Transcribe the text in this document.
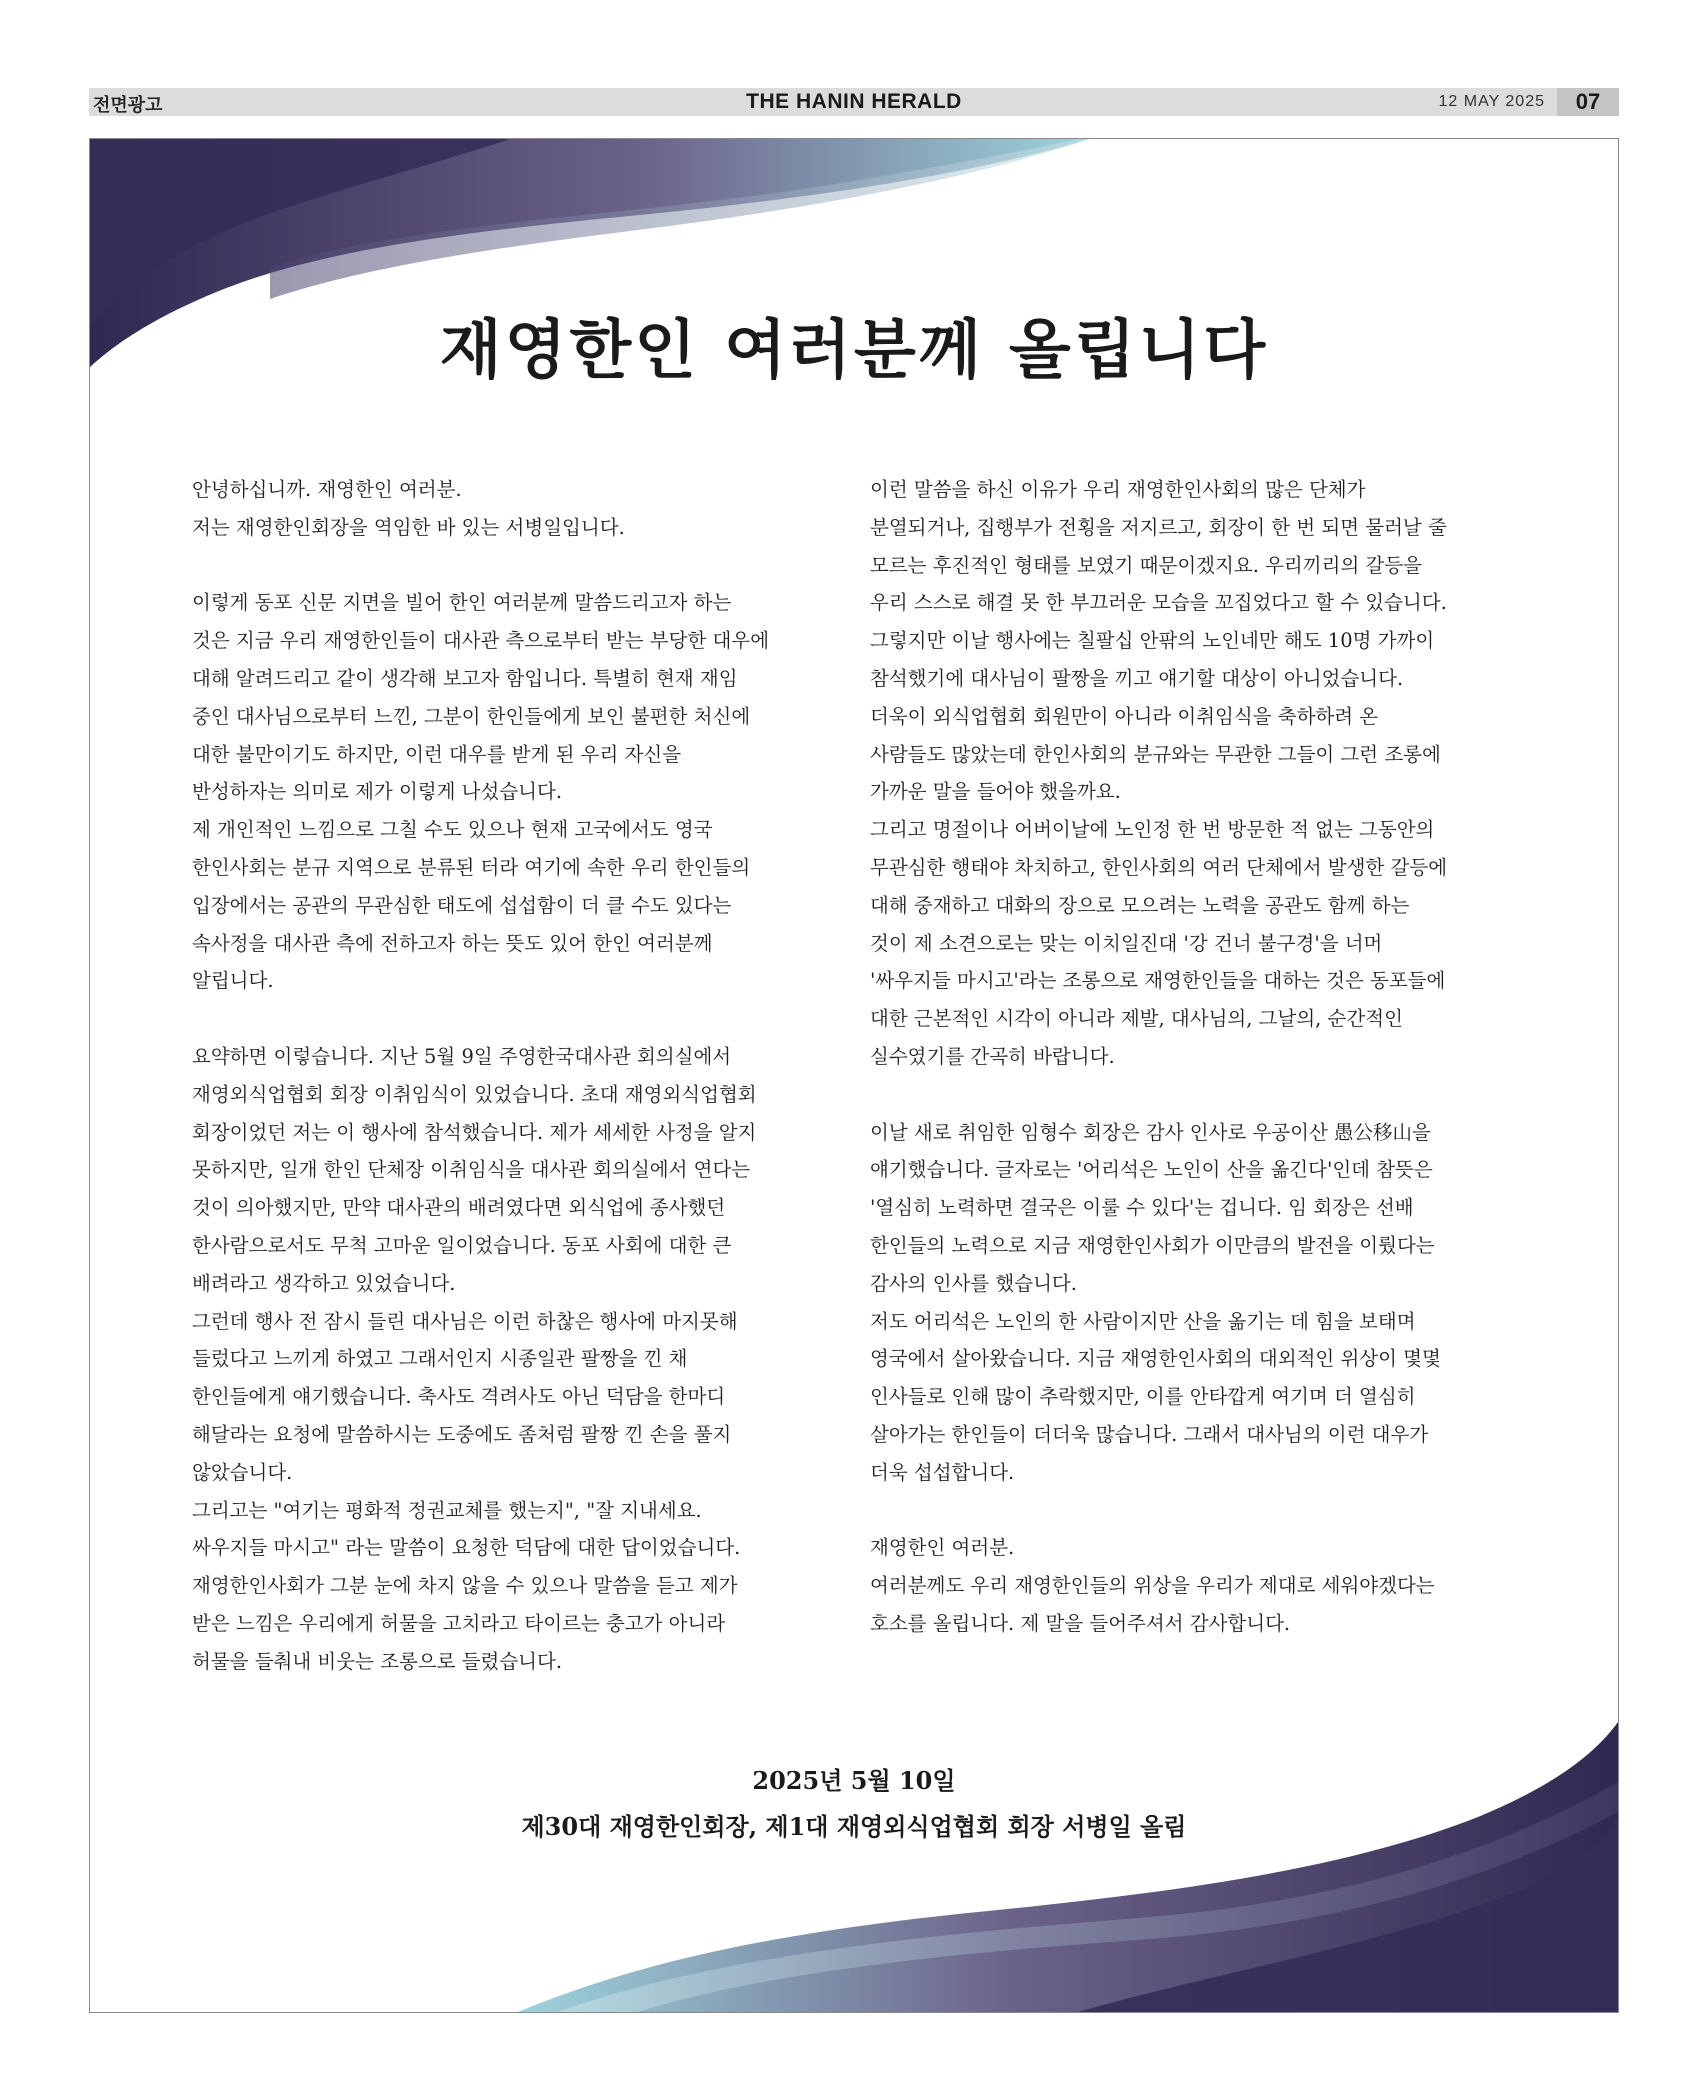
전면광고	THE HANIN HERALD	12 MAY 2025	07
재영한인 여러분께 올립니다

안녕하십니까. 재영한인 여러분.
저는 재영한인회장을 역임한 바 있는 서병일입니다.

이렇게 동포 신문 지면을 빌어 한인 여러분께 말씀드리고자 하는
것은 지금 우리 재영한인들이 대사관 측으로부터 받는 부당한 대우에
대해 알려드리고 같이 생각해 보고자 함입니다. 특별히 현재 재임
중인 대사님으로부터 느낀, 그분이 한인들에게 보인 불편한 처신에
대한 불만이기도 하지만, 이런 대우를 받게 된 우리 자신을
반성하자는 의미로 제가 이렇게 나섰습니다.
제 개인적인 느낌으로 그칠 수도 있으나 현재 고국에서도 영국
한인사회는 분규 지역으로 분류된 터라 여기에 속한 우리 한인들의
입장에서는 공관의 무관심한 태도에 섭섭함이 더 클 수도 있다는
속사정을 대사관 측에 전하고자 하는 뜻도 있어 한인 여러분께
알립니다.

요약하면 이렇습니다. 지난 5월 9일 주영한국대사관 회의실에서
재영외식업협회 회장 이취임식이 있었습니다. 초대 재영외식업협회
회장이었던 저는 이 행사에 참석했습니다. 제가 세세한 사정을 알지
못하지만, 일개 한인 단체장 이취임식을 대사관 회의실에서 연다는
것이 의아했지만, 만약 대사관의 배려였다면 외식업에 종사했던
한사람으로서도 무척 고마운 일이었습니다. 동포 사회에 대한 큰
배려라고 생각하고 있었습니다.
그런데 행사 전 잠시 들린 대사님은 이런 하찮은 행사에 마지못해
들렀다고 느끼게 하였고 그래서인지 시종일관 팔짱을 낀 채
한인들에게 얘기했습니다. 축사도 격려사도 아닌 덕담을 한마디
해달라는 요청에 말씀하시는 도중에도 좀처럼 팔짱 낀 손을 풀지
않았습니다.
그리고는 "여기는 평화적 정권교체를 했는지", "잘 지내세요.
싸우지들 마시고" 라는 말씀이 요청한 덕담에 대한 답이었습니다.
재영한인사회가 그분 눈에 차지 않을 수 있으나 말씀을 듣고 제가
받은 느낌은 우리에게 허물을 고치라고 타이르는 충고가 아니라
허물을 들춰내 비웃는 조롱으로 들렸습니다.

이런 말씀을 하신 이유가 우리 재영한인사회의 많은 단체가
분열되거나, 집행부가 전횡을 저지르고, 회장이 한 번 되면 물러날 줄
모르는 후진적인 형태를 보였기 때문이겠지요. 우리끼리의 갈등을
우리 스스로 해결 못 한 부끄러운 모습을 꼬집었다고 할 수 있습니다.
그렇지만 이날 행사에는 칠팔십 안팎의 노인네만 해도 10명 가까이
참석했기에 대사님이 팔짱을 끼고 얘기할 대상이 아니었습니다.
더욱이 외식업협회 회원만이 아니라 이취임식을 축하하려 온
사람들도 많았는데 한인사회의 분규와는 무관한 그들이 그런 조롱에
가까운 말을 들어야 했을까요.
그리고 명절이나 어버이날에 노인정 한 번 방문한 적 없는 그동안의
무관심한 행태야 차치하고, 한인사회의 여러 단체에서 발생한 갈등에
대해 중재하고 대화의 장으로 모으려는 노력을 공관도 함께 하는
것이 제 소견으로는 맞는 이치일진대 '강 건너 불구경'을 너머
'싸우지들 마시고'라는 조롱으로 재영한인들을 대하는 것은 동포들에
대한 근본적인 시각이 아니라 제발, 대사님의, 그날의, 순간적인
실수였기를 간곡히 바랍니다.

이날 새로 취임한 임형수 회장은 감사 인사로 우공이산 愚公移山을
얘기했습니다. 글자로는 '어리석은 노인이 산을 옮긴다'인데 참뜻은
'열심히 노력하면 결국은 이룰 수 있다'는 겁니다. 임 회장은 선배
한인들의 노력으로 지금 재영한인사회가 이만큼의 발전을 이뤘다는
감사의 인사를 했습니다.
저도 어리석은 노인의 한 사람이지만 산을 옮기는 데 힘을 보태며
영국에서 살아왔습니다. 지금 재영한인사회의 대외적인 위상이 몇몇
인사들로 인해 많이 추락했지만, 이를 안타깝게 여기며 더 열심히
살아가는 한인들이 더더욱 많습니다. 그래서 대사님의 이런 대우가
더욱 섭섭합니다.

재영한인 여러분.
여러분께도 우리 재영한인들의 위상을 우리가 제대로 세워야겠다는
호소를 올립니다. 제 말을 들어주셔서 감사합니다.

2025년 5월 10일
제30대 재영한인회장, 제1대 재영외식업협회 회장 서병일 올림
